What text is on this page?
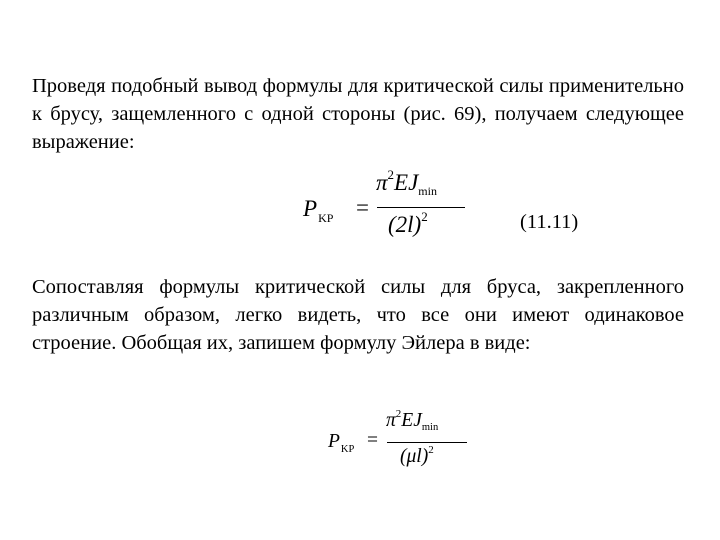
Проведя подобный вывод формулы для критической силы применительно к брусу, защемленного с одной стороны (рис. 69), получаем следующее выражение:

$P_{KP}$ =
$\pi^2EJ_{min}$
$(2l)^2$	(11.11)

Сопоставляя формулы критической силы для бруса, закрепленного различным образом, легко видеть, что все они имеют одинаковое строение. Обобщая их, запишем формулу Эйлера в виде:

$P_{KP}$ =
$\pi^2EJ_{min}$
$(\mu l)^2$
